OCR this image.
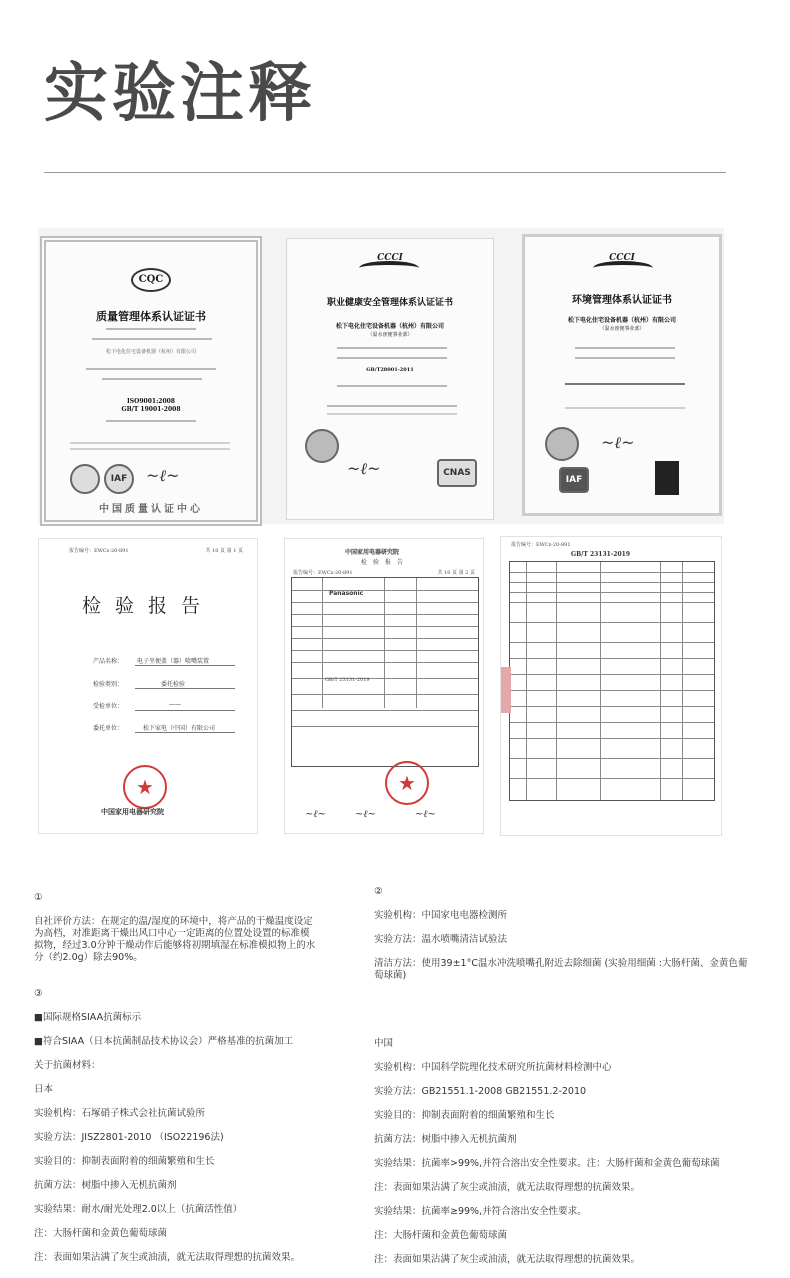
实验注释
CQC
质量管理体系认证证书
松下电化住宅设备机器（杭州）有限公司
ISO9001:2008
GB/T 19001-2008
IAF	~ℓ~
中国质量认证中心
CCCI
职业健康安全管理体系认证证书
松下电化住宅设备机器（杭州）有限公司
（温水座便事业部）
GB/T28001-2011
~ℓ~	CNAS
CCCI
环境管理体系认证证书
松下电化住宅设备机器（杭州）有限公司
（温水座便事业部）
~ℓ~
IAF
报告编号：EWCz-20-891	共 10 页 第 1 页
检验报告
产品名称： 电子坐便盖（器）喷嘴装置
检验类别：	委托检验
受检单位：	——
委托单位：	松下家电（中国）有限公司
★
中国家用电器研究院
中国家用电器研究院
检验报告
报告编号：EWCz-20-891	共 10 页 第 2 页
Panasonic
GB/T 23131-2019
★
~ℓ~	~ℓ~	~ℓ~
报告编号：EWCz-20-891
GB/T 23131-2019

①

自社评价方法：在规定的温/湿度的环境中，将产品的干燥温度设定为高档，对准距离干燥出风口中心一定距离的位置处设置的标准模拟物，经过3.0分钟干燥动作后能够将初期填湿在标准模拟物上的水分（约2.0g）除去90%。

②

实验机构：中国家电电器检测所

实验方法：温水喷嘴清洁试验法

清洁方法：使用39±1°C温水冲洗喷嘴孔附近去除细菌 (实验用细菌 :大肠杆菌、金黄色葡萄球菌)

③

■国际规格SIAA抗菌标示

■符合SIAA（日本抗菌制品技术协议会）严格基准的抗菌加工

关于抗菌材料：

日本

实验机构：石塚硝子株式会社抗菌试验所

实验方法：JISZ2801-2010 （ISO22196法)

实验目的：抑制表面附着的细菌繁殖和生长

抗菌方法：树脂中掺入无机抗菌剂

实验结果：耐水/耐光处理2.0以上（抗菌活性值）

注：大肠杆菌和金黄色葡萄球菌

注：表面如果沾满了灰尘或油渍，就无法取得理想的抗菌效果。

中国

实验机构：中国科学院理化技术研究所抗菌材料检测中心

实验方法：GB21551.1-2008 GB21551.2-2010

实验目的：抑制表面附着的细菌繁殖和生长

抗菌方法：树脂中掺入无机抗菌剂

实验结果：抗菌率>99%,并符合溶出安全性要求。注：大肠杆菌和金黄色葡萄球菌

注：表面如果沾满了灰尘或油渍，就无法取得理想的抗菌效果。

实验结果：抗菌率≥99%,并符合溶出安全性要求。

注：大肠杆菌和金黄色葡萄球菌

注：表面如果沾满了灰尘或油渍，就无法取得理想的抗菌效果。
